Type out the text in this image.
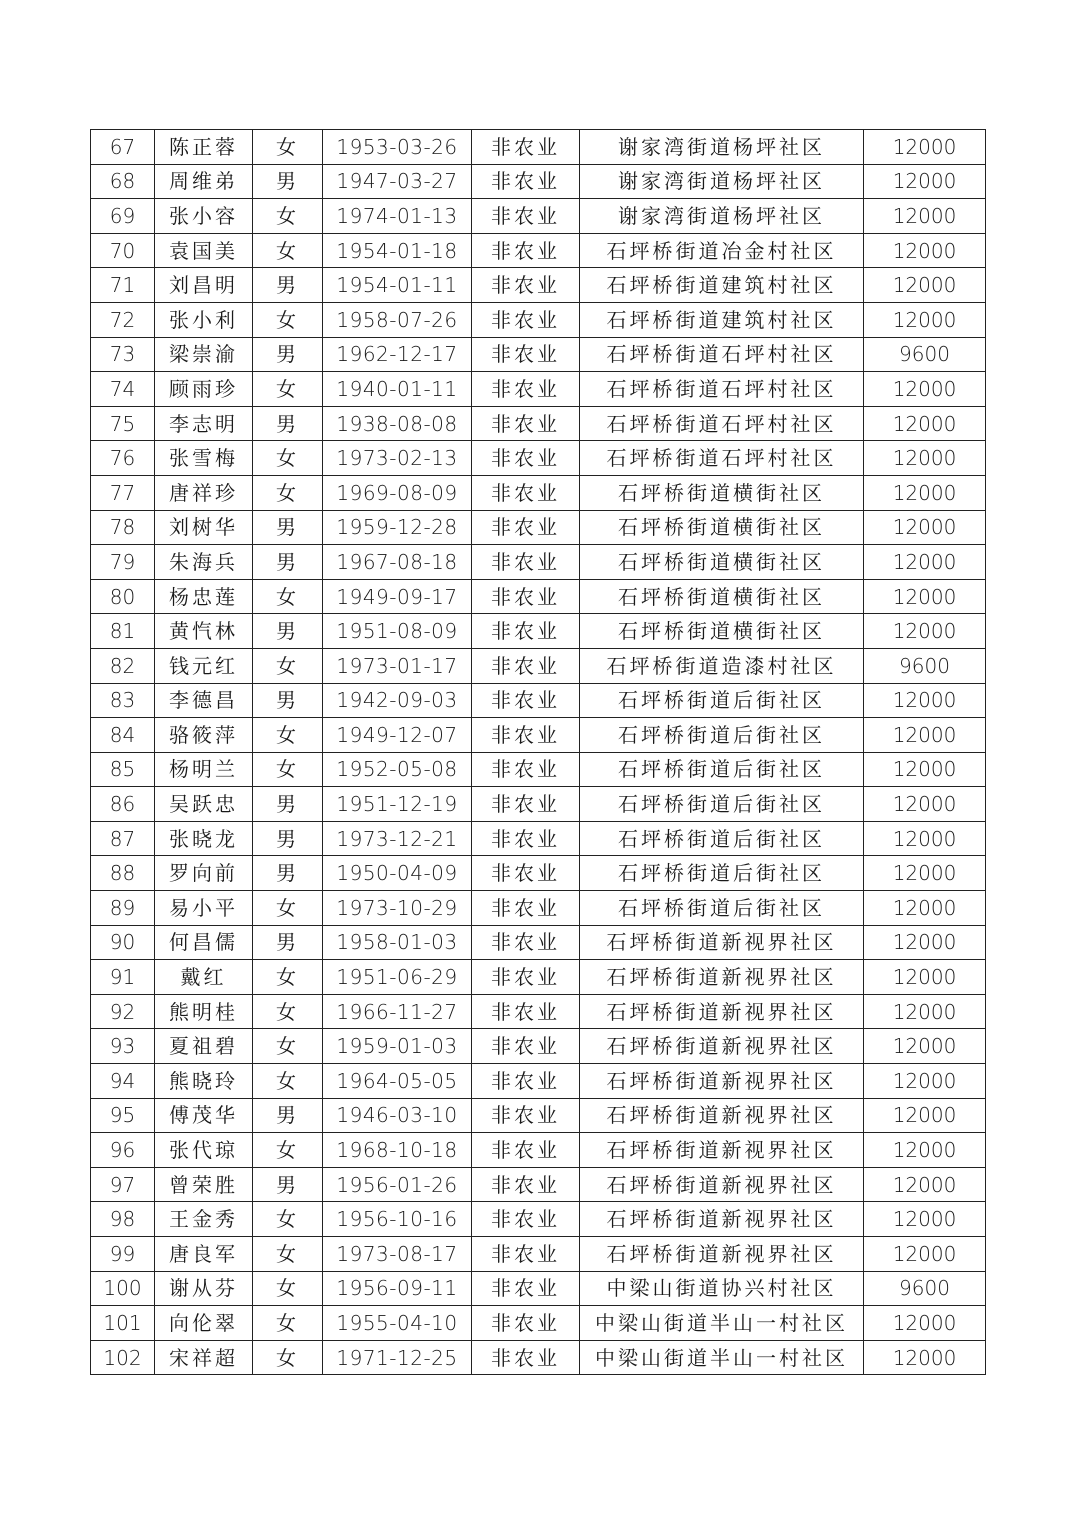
67	陈正蓉	女	1953-03-26	非农业	谢家湾街道杨坪社区	12000
68	周维弟	男	1947-03-27	非农业	谢家湾街道杨坪社区	12000
69	张小容	女	1974-01-13	非农业	谢家湾街道杨坪社区	12000
70	袁国美	女	1954-01-18	非农业	石坪桥街道冶金村社区	12000
71	刘昌明	男	1954-01-11	非农业	石坪桥街道建筑村社区	12000
72	张小利	女	1958-07-26	非农业	石坪桥街道建筑村社区	12000
73	梁崇渝	男	1962-12-17	非农业	石坪桥街道石坪村社区	9600
74	顾雨珍	女	1940-01-11	非农业	石坪桥街道石坪村社区	12000
75	李志明	男	1938-08-08	非农业	石坪桥街道石坪村社区	12000
76	张雪梅	女	1973-02-13	非农业	石坪桥街道石坪村社区	12000
77	唐祥珍	女	1969-08-09	非农业	石坪桥街道横街社区	12000
78	刘树华	男	1959-12-28	非农业	石坪桥街道横街社区	12000
79	朱海兵	男	1967-08-18	非农业	石坪桥街道横街社区	12000
80	杨忠莲	女	1949-09-17	非农业	石坪桥街道横街社区	12000
81	黄忾林	男	1951-08-09	非农业	石坪桥街道横街社区	12000
82	钱元红	女	1973-01-17	非农业	石坪桥街道造漆村社区	9600
83	李德昌	男	1942-09-03	非农业	石坪桥街道后街社区	12000
84	骆筱萍	女	1949-12-07	非农业	石坪桥街道后街社区	12000
85	杨明兰	女	1952-05-08	非农业	石坪桥街道后街社区	12000
86	吴跃忠	男	1951-12-19	非农业	石坪桥街道后街社区	12000
87	张晓龙	男	1973-12-21	非农业	石坪桥街道后街社区	12000
88	罗向前	男	1950-04-09	非农业	石坪桥街道后街社区	12000
89	易小平	女	1973-10-29	非农业	石坪桥街道后街社区	12000
90	何昌儒	男	1958-01-03	非农业	石坪桥街道新视界社区	12000
91	戴红	女	1951-06-29	非农业	石坪桥街道新视界社区	12000
92	熊明桂	女	1966-11-27	非农业	石坪桥街道新视界社区	12000
93	夏祖碧	女	1959-01-03	非农业	石坪桥街道新视界社区	12000
94	熊晓玲	女	1964-05-05	非农业	石坪桥街道新视界社区	12000
95	傅茂华	男	1946-03-10	非农业	石坪桥街道新视界社区	12000
96	张代琼	女	1968-10-18	非农业	石坪桥街道新视界社区	12000
97	曾荣胜	男	1956-01-26	非农业	石坪桥街道新视界社区	12000
98	王金秀	女	1956-10-16	非农业	石坪桥街道新视界社区	12000
99	唐良军	女	1973-08-17	非农业	石坪桥街道新视界社区	12000
100	谢从芬	女	1956-09-11	非农业	中梁山街道协兴村社区	9600
101	向伦翠	女	1955-04-10	非农业	中梁山街道半山一村社区	12000
102	宋祥超	女	1971-12-25	非农业	中梁山街道半山一村社区	12000
